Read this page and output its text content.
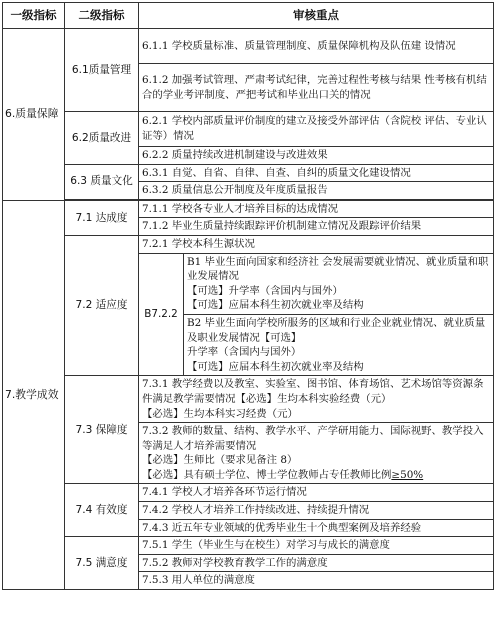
一级指标	二级指标	审核重点	
6.质量保障	6.1质量管理	6.1.1 学校质量标准、质量管理制度、质量保障机构及队伍建 设情况	
		6.1.2 加强考试管理、严肃考试纪律，完善过程性考核与结果 性考核有机结合的学业考评制度、严把考试和毕业出口关的情况	
	6.2质量改进	6.2.1 学校内部质量评价制度的建立及接受外部评估（含院校 评估、专业认证等）情况	
		6.2.2 质量持续改进机制建设与改进效果	
	6.3 质量文化	6.3.1 自觉、自省、自律、自查、自纠的质量文化建设情况	
		6.3.2 质量信息公开制度及年度质量报告	

7.教学成效	7.1 达成度	7.1.1 学校各专业人才培养目标的达成情况	
		7.1.2 毕业生质量持续跟踪评价机制建立情况及跟踪评价结果	
	7.2 适应度	7.2.1 学校本科生源状况	
		B7.2.2	B1 毕业生面向国家和经济社 会发展需要就业情况、就业质量和职业发展情况
【可选】升学率（含国内与国外）
【可选】应届本科生初次就业率及结构

			B2 毕业生面向学校所服务的区域和行业企业就业情况、就业质量及职业发展情况【可选】
升学率（含国内与国外）
【可选】应届本科生初次就业率及结构

	7.3 保障度	7.3.1 教学经费以及教室、实验室、图书馆、体育场馆、艺术场馆等资源条件满足教学需要情况【必选】生均本科实验经费（元）
【必选】生均本科实习经费（元）	

		7.3.2 教师的数量、结构、教学水平、产学研用能力、国际视野、教学投入等满足人才培养需要情况
【必选】生师比（要求见备注 8）
【必选】具有硕士学位、博士学位教师占专任教师比例≥50%	

	7.4 有效度	7.4.1 学校人才培养各环节运行情况	
		7.4.2 学校人才培养工作持续改进、持续提升情况	
		7.4.3 近五年专业领域的优秀毕业生十个典型案例及培养经验	
	7.5 满意度	7.5.1 学生（毕业生与在校生）对学习与成长的满意度	
		7.5.2 教师对学校教育教学工作的满意度	
		7.5.3 用人单位的满意度	
